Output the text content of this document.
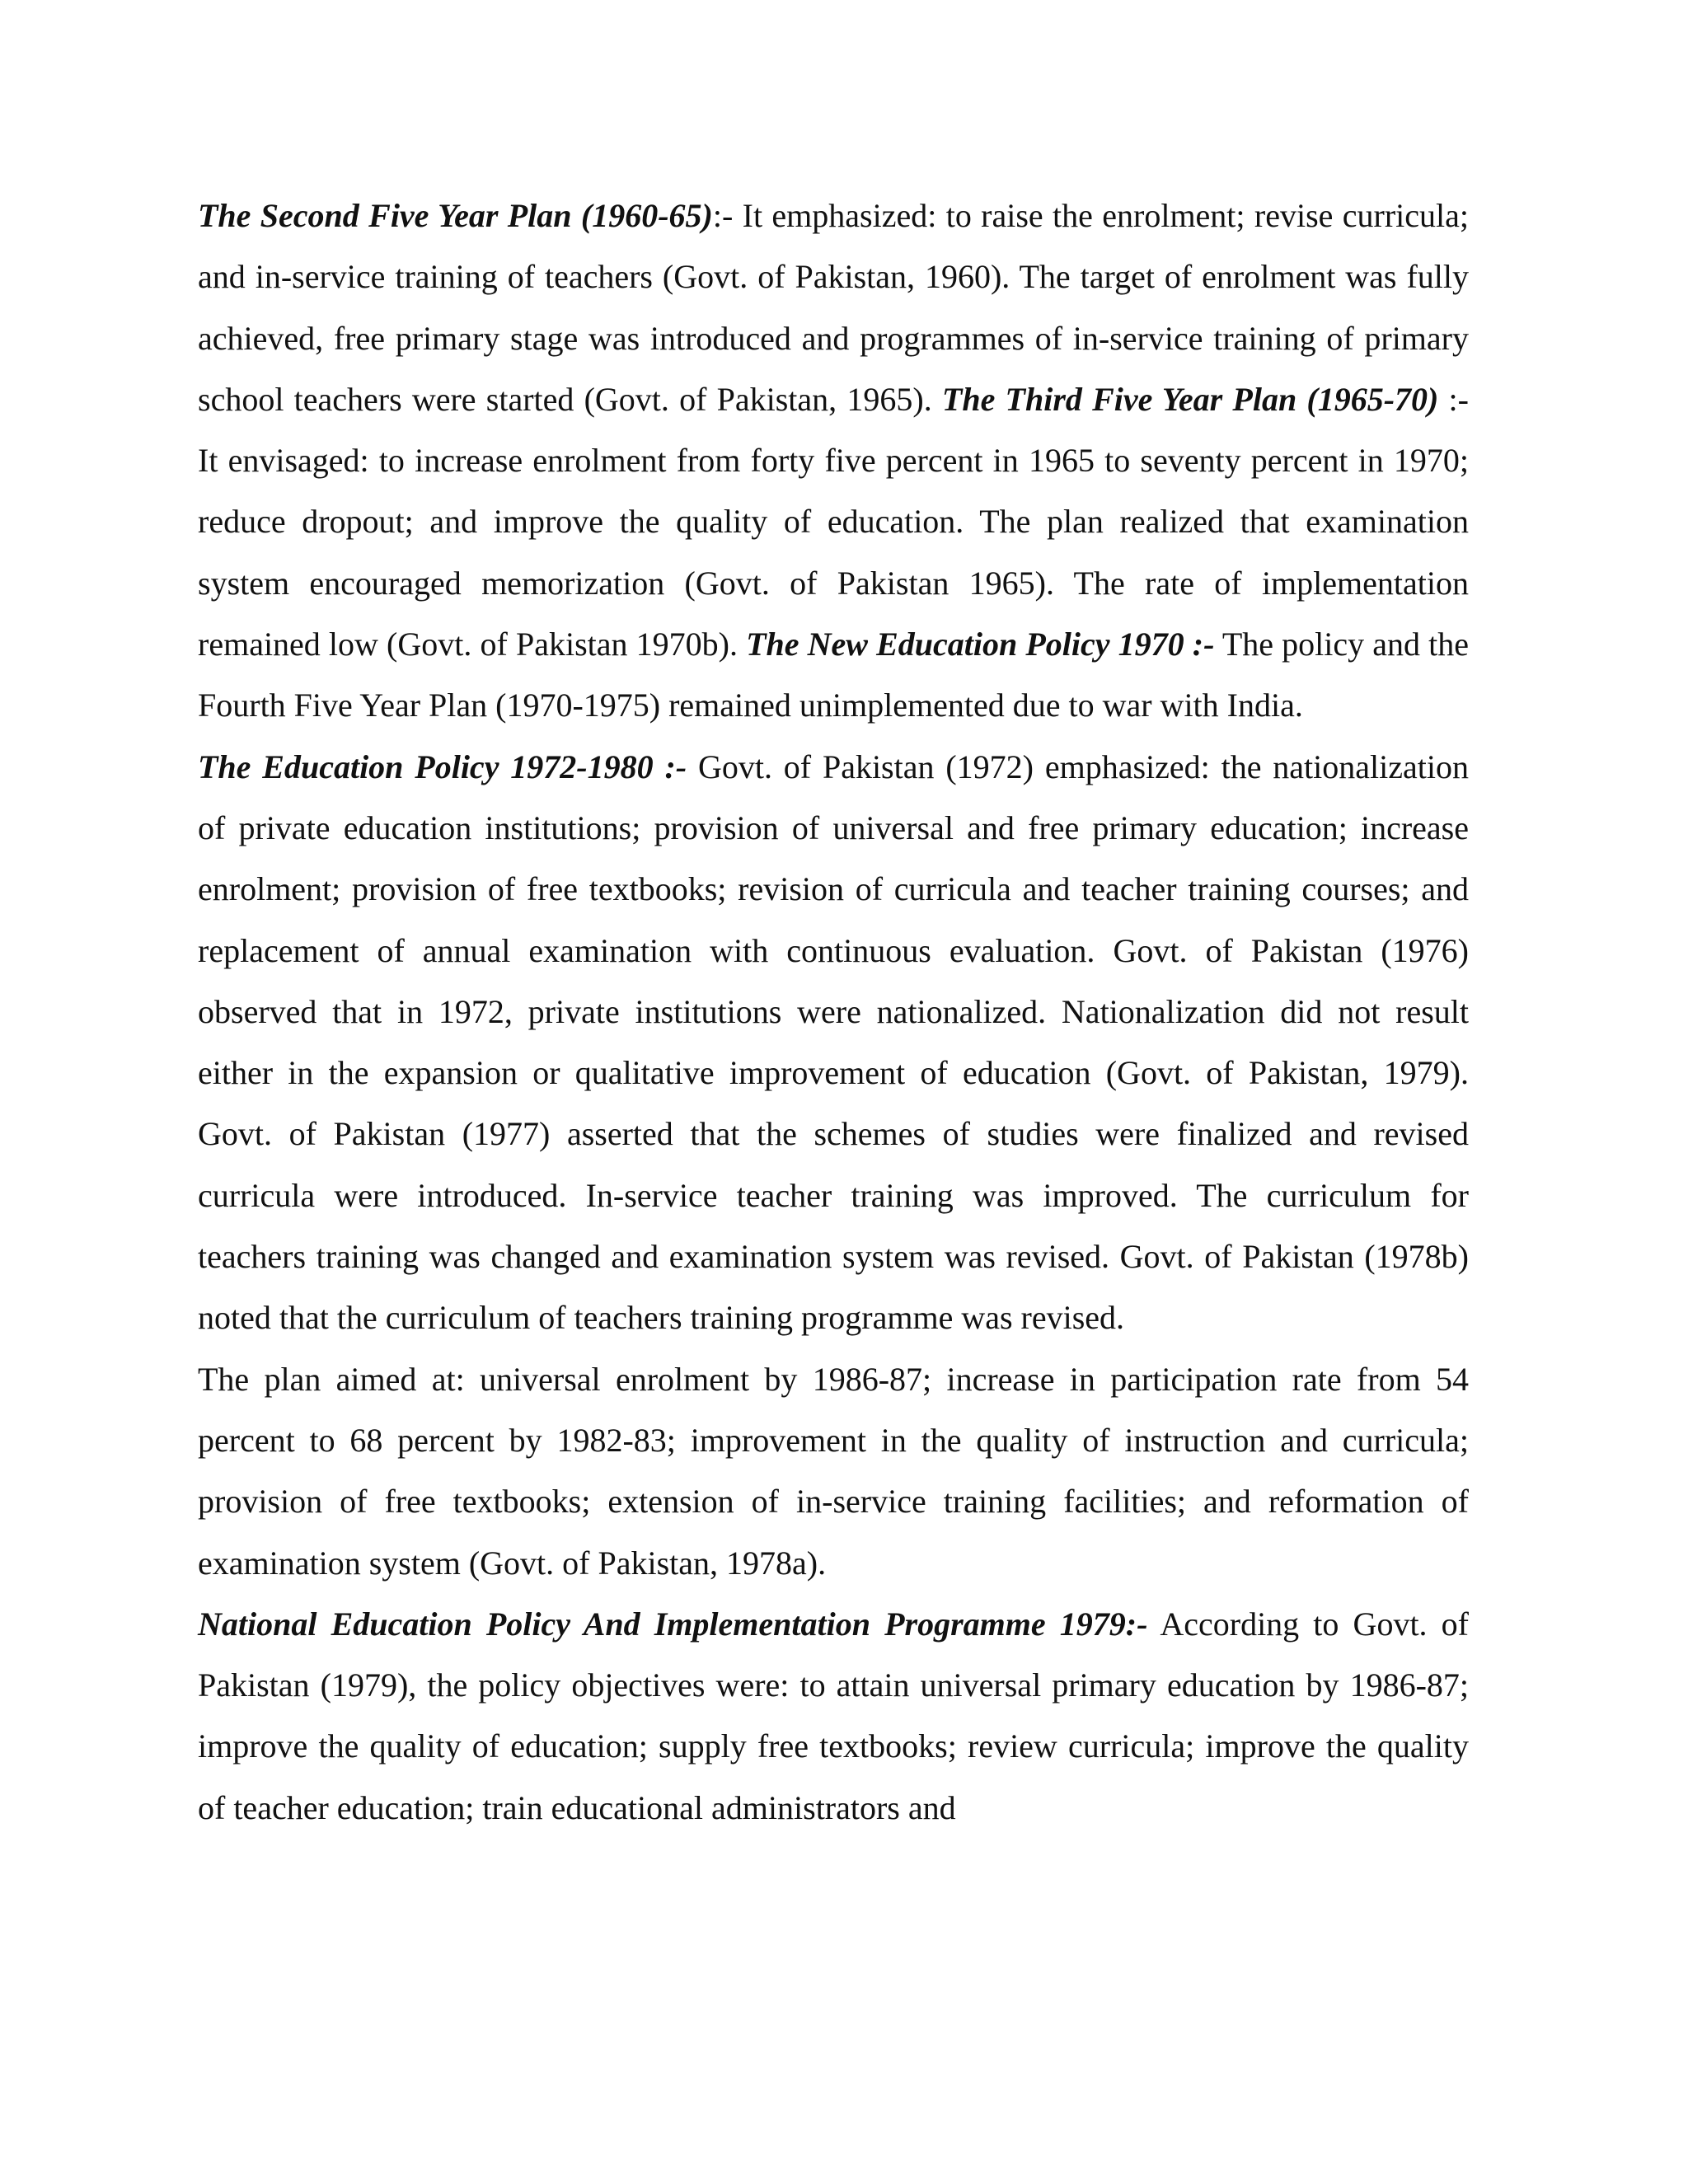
The Second Five Year Plan (1960-65):- It emphasized: to raise the enrolment; revise curricula; and in-service training of teachers (Govt. of Pakistan, 1960). The target of enrolment was fully achieved, free primary stage was introduced and programmes of in-service training of primary school teachers were started (Govt. of Pakistan, 1965). The Third Five Year Plan (1965-70) :- It envisaged: to increase enrolment from forty five percent in 1965 to seventy percent in 1970; reduce dropout; and improve the quality of education. The plan realized that examination system encouraged memorization (Govt. of Pakistan 1965). The rate of implementation remained low (Govt. of Pakistan 1970b). The New Education Policy 1970 :- The policy and the Fourth Five Year Plan (1970-1975) remained unimplemented due to war with India.

The Education Policy 1972-1980 :- Govt. of Pakistan (1972) emphasized: the nationalization of private education institutions; provision of universal and free primary education; increase enrolment; provision of free textbooks; revision of curricula and teacher training courses; and replacement of annual examination with continuous evaluation. Govt. of Pakistan (1976) observed that in 1972, private institutions were nationalized. Nationalization did not result either in the expansion or qualitative improvement of education (Govt. of Pakistan, 1979). Govt. of Pakistan (1977) asserted that the schemes of studies were finalized and revised curricula were introduced. In-service teacher training was improved. The curriculum for teachers training was changed and examination system was revised. Govt. of Pakistan (1978b) noted that the curriculum of teachers training programme was revised.

The plan aimed at: universal enrolment by 1986-87; increase in participation rate from 54 percent to 68 percent by 1982-83; improvement in the quality of instruction and curricula; provision of free textbooks; extension of in-service training facilities; and reformation of examination system (Govt. of Pakistan, 1978a).

National Education Policy And Implementation Programme 1979:- According to Govt. of Pakistan (1979), the policy objectives were: to attain universal primary education by 1986-87; improve the quality of education; supply free textbooks; review curricula; improve the quality of teacher education; train educational administrators and
